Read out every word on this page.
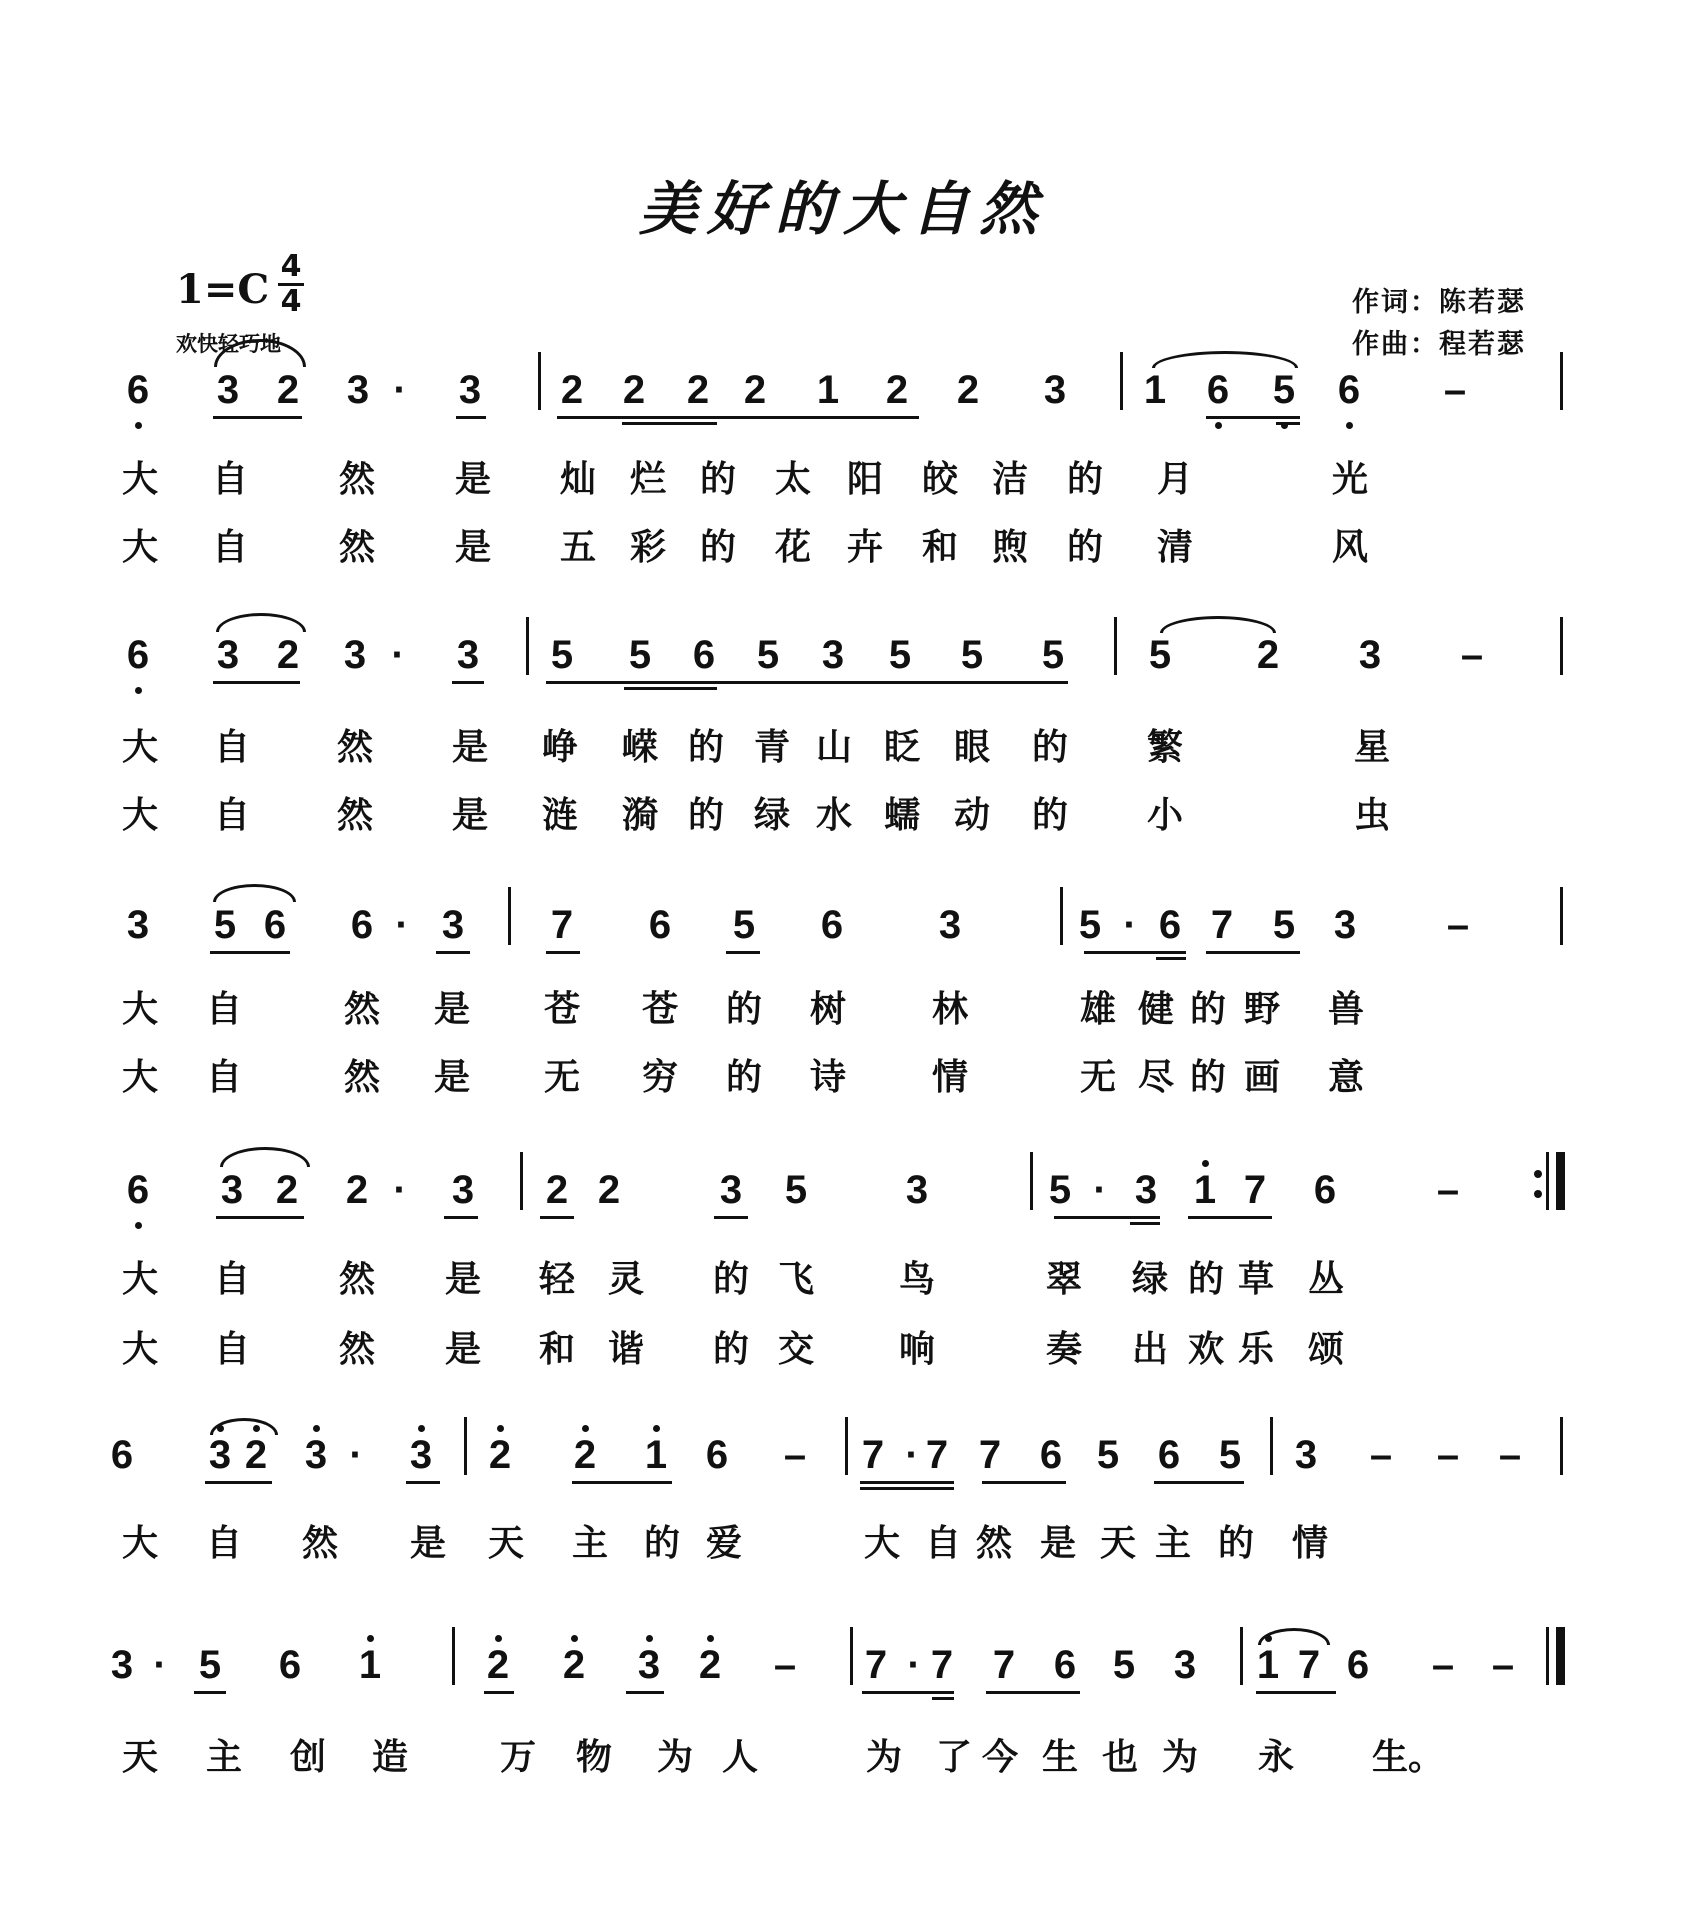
美好的大自然
1=C 4
4
欢快轻巧地
作词：陈若瑟
作曲：程若瑟
6 3 2 3 · 3 2 2 2 2 1 2 2 3 1 6 5 6 –
大 自	然 是 灿 烂 的 太 阳 皎 洁 的 月	光
大 自	然 是 五 彩 的 花 卉 和 煦 的 清	风
6 3 2 3 · 3 5 5 6 5 3 5 5 5 5 2 3 –
大 自 然 是 峥 嵘 的 青 山 眨 眼 的 繁	星
大 自 然 是 涟 漪 的 绿 水 蠕 动 的 小	虫
3 5 6 6 · 3 7 6 5 6 3	5 · 6 7 5 3 –
大 自	然 是 苍 苍 的 树 林	雄 健 的 野 兽
大 自	然 是 无 穷 的 诗 情	无 尽 的 画 意
6 3 2 2 · 3 2 2 3 5 3	5 · 3 1 7 6	–
大 自 然 是 轻 灵 的 飞 鸟	翠 绿 的 草 丛
大 自 然 是 和 谐 的 交 响	奏 出 欢 乐 颂
6 3 2 3 · 3 2 2 1 6 – 7 · 7 7 6 5 6 5 3 – – –
大 自 然 是 天 主 的 爱	大 自 然 是 天 主 的 情
3 · 5 6 1	2 2 3 2 – 7 · 7 7 6 5 3 1 7 6 – –
天 主 创 造	万 物 为 人	为 了 今 生 也 为 永 生。
